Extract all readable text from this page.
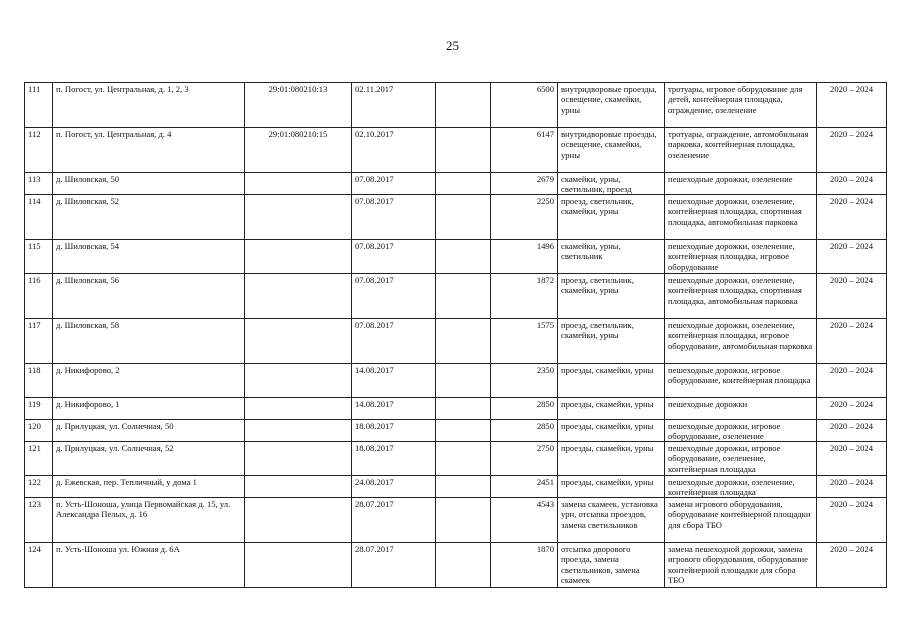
25
111	п. Погост, ул. Центральная, д. 1, 2, 3	29:01:080210:13	02.11.2017		6500	внутридворовые проезды, освещение, скамейки, урны	тротуары, игровое оборудование для детей, контейнерная площадка, ограждение, озеленение	2020 – 2024

112	п. Погост, ул. Центральная, д. 4	29:01:080210:15	02.10.2017		6147	внутридворовые проезды, освещение, скамейки, урны	тротуары, ограждение, автомобильная парковка, контейнерная площадка, озеленение	2020 – 2024

113	д. Шиловская, 50		07.08.2017		2679	скамейки, урны, светильник, проезд	пешеходные дорожки, озеленение	2020 – 2024

114	д. Шиловская, 52		07.08.2017		2250	проезд, светильник, скамейки, урны	пешеходные дорожки, озеленение, контейнерная площадка, спортивная площадка, автомобильная парковка	2020 – 2024

115	д. Шиловская, 54		07.08.2017		1496	скамейки, урны, светильник	пешеходные дорожки, озеленение, контейнерная площадка, игровое оборудование	2020 – 2024

116	д. Шиловская, 56		07.08.2017		1872	проезд, светильник, скамейки, урны	пешеходные дорожки, озеленение, контейнерная площадка, спортивная площадка, автомобильная парковка	2020 – 2024

117	д. Шиловская, 58		07.08.2017		1575	проезд, светильник, скамейки, урны	пешеходные дорожки, озеленение, контейнерная площадка, игровое оборудование, автомобильная парковка	2020 – 2024

118	д. Никифорово, 2		14.08.2017		2350	проезды, скамейки, урны	пешеходные дорожки, игровое оборудование, контейнерная площадка	2020 – 2024

119	д. Никифорово, 1		14.08.2017		2850	проезды, скамейки, урны	пешеходные дорожки	2020 – 2024

120	д. Прилуцкая, ул. Солнечная, 50		18.08.2017		2850	проезды, скамейки, урны	пешеходные дорожки, игровое оборудование, озеленение	2020 – 2024

121	д. Прилуцкая, ул. Солнечная, 52		18.08.2017		2750	проезды, скамейки, урны	пешеходные дорожки, игровое оборудование, озеленение, контейнерная площадка	2020 – 2024

122	д. Ежевская, пер. Тепличный, у дома 1		24.08.2017		2451	проезды, скамейки, урны	пешеходные дорожки, озеленение, контейнерная площадка	2020 – 2024

123	п. Усть-Шоноша, улица Первомайская д. 15, ул. Александра Пелых, д. 16		28.07.2017		4543	замена скамеек, установка урн, отсыпка проездов, замена светильников	замена игрового оборудования, оборудование контейнерной площадки для сбора ТБО	2020 – 2024

124	п. Усть-Шоноша ул. Южная д. 6А		28.07.2017		1870	отсыпка дворового проезда, замена светильников, замена скамеек	замена пешеходной дорожки, замена игрового оборудования, оборудование контейнерной площадки для сбора ТБО	2020 – 2024
